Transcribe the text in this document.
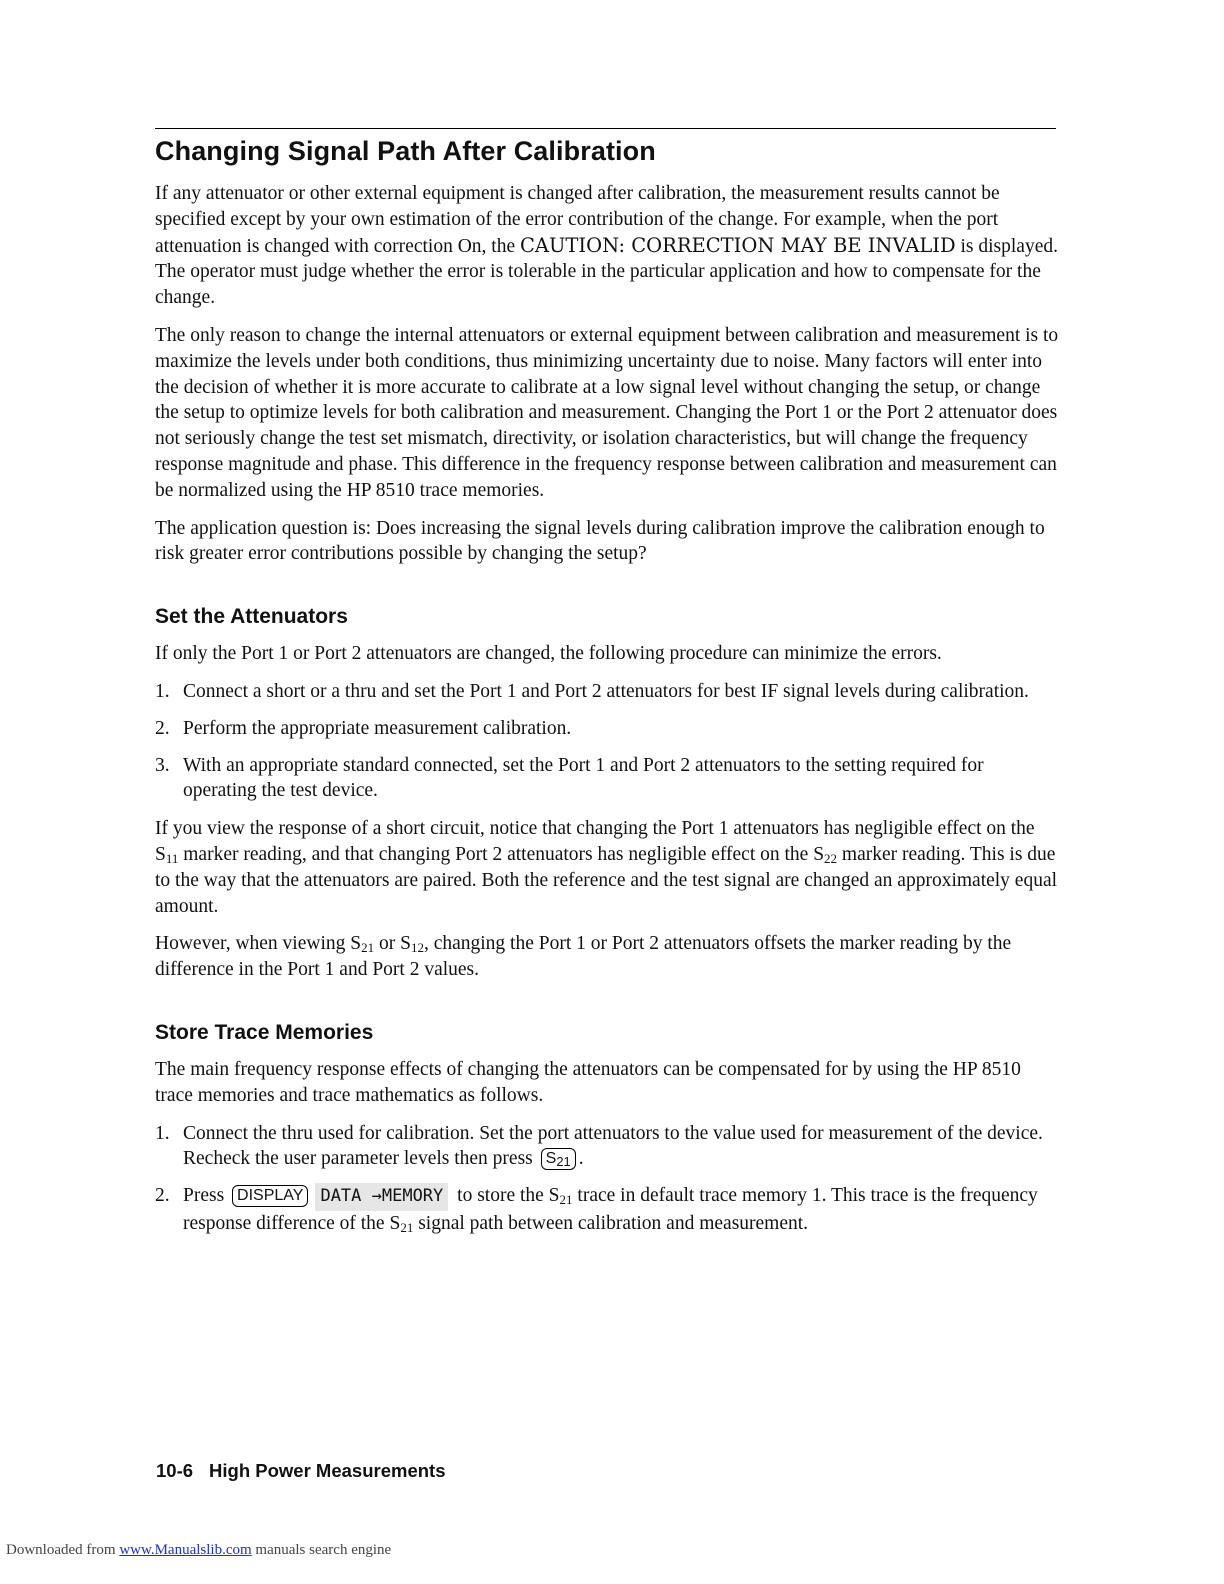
Changing Signal Path After Calibration

If any attenuator or other external equipment is changed after calibration, the measurement results cannot be specified except by your own estimation of the error contribution of the change. For example, when the port attenuation is changed with correction On, the CAUTION: CORRECTION MAY BE INVALID is displayed. The operator must judge whether the error is tolerable in the particular application and how to compensate for the change.

The only reason to change the internal attenuators or external equipment between calibration and measurement is to maximize the levels under both conditions, thus minimizing uncertainty due to noise. Many factors will enter into the decision of whether it is more accurate to calibrate at a low signal level without changing the setup, or change the setup to optimize levels for both calibration and measurement. Changing the Port 1 or the Port 2 attenuator does not seriously change the test set mismatch, directivity, or isolation characteristics, but will change the frequency response magnitude and phase. This difference in the frequency response between calibration and measurement can be normalized using the HP 8510 trace memories.

The application question is: Does increasing the signal levels during calibration improve the calibration enough to risk greater error contributions possible by changing the setup?

Set the Attenuators

If only the Port 1 or Port 2 attenuators are changed, the following procedure can minimize the errors.

1. Connect a short or a thru and set the Port 1 and Port 2 attenuators for best IF signal levels during calibration.
2. Perform the appropriate measurement calibration.
3. With an appropriate standard connected, set the Port 1 and Port 2 attenuators to the setting required for operating the test device.

If you view the response of a short circuit, notice that changing the Port 1 attenuators has negligible effect on the $S_{11}$ marker reading, and that changing Port 2 attenuators has negligible effect on the $S_{22}$ marker reading. This is due to the way that the attenuators are paired. Both the reference and the test signal are changed an approximately equal amount.

However, when viewing $S_{21}$ or $S_{12}$, changing the Port 1 or Port 2 attenuators offsets the marker reading by the difference in the Port 1 and Port 2 values.

Store Trace Memories

The main frequency response effects of changing the attenuators can be compensated for by using the HP 8510 trace memories and trace mathematics as follows.

1. Connect the thru used for calibration. Set the port attenuators to the value used for measurement of the device. Recheck the user parameter levels then press $S_{21}$ .
2. Press DISPLAY DATA →MEMORY to store the $S_{21}$ trace in default trace memory 1. This trace is the frequency response difference of the $S_{21}$ signal path between calibration and measurement.
10-6 High Power Measurements
Downloaded from www.Manualslib.com manuals search engine
